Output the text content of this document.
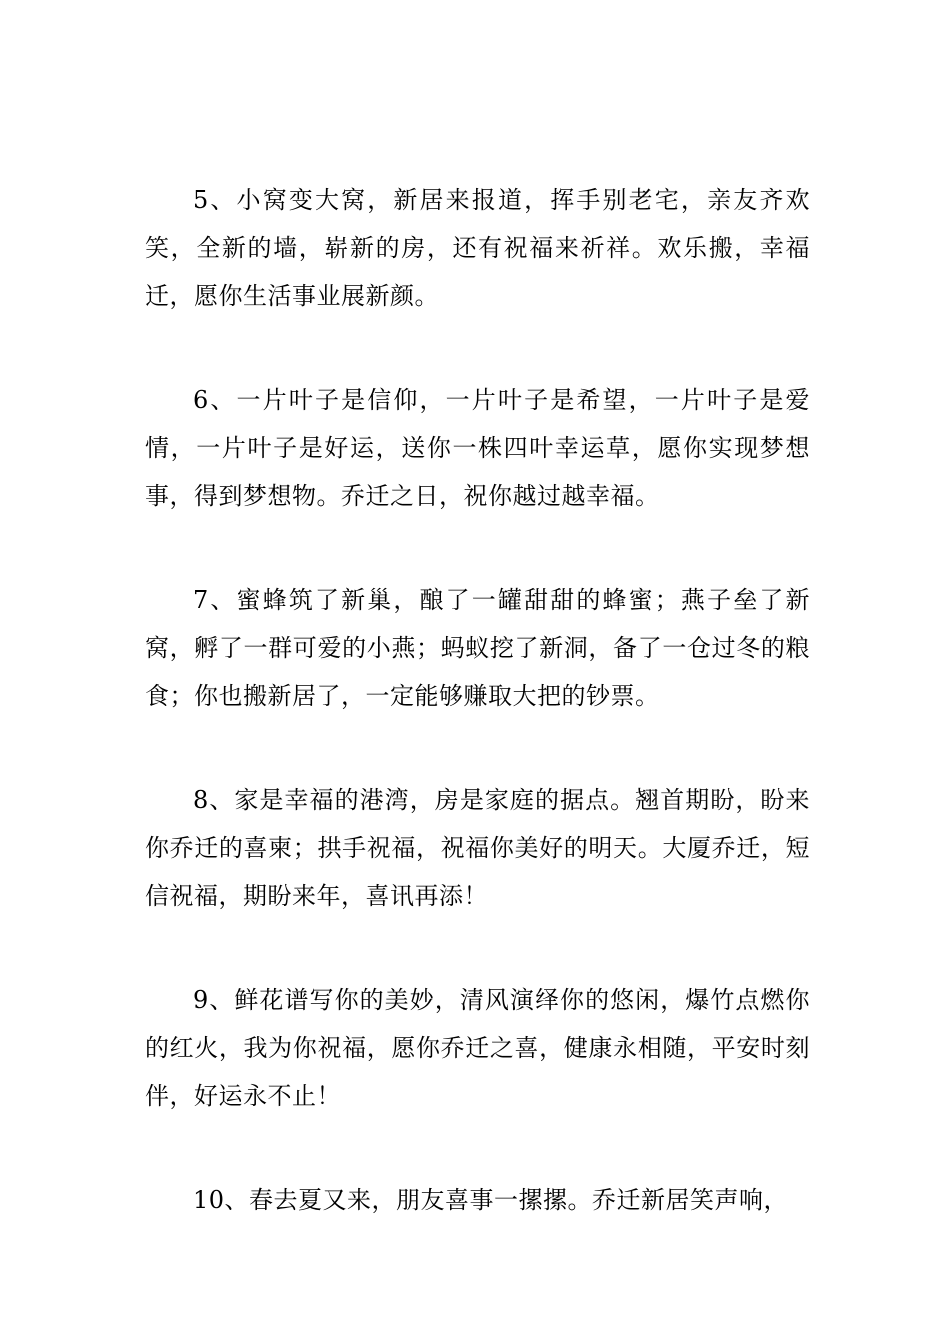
5、小窝变大窝，新居来报道，挥手别老宅，亲友齐欢笑，全新的墙，崭新的房，还有祝福来祈祥。欢乐搬，幸福迁，愿你生活事业展新颜。

6、一片叶子是信仰，一片叶子是希望，一片叶子是爱情，一片叶子是好运，送你一株四叶幸运草，愿你实现梦想事，得到梦想物。乔迁之日，祝你越过越幸福。

7、蜜蜂筑了新巢，酿了一罐甜甜的蜂蜜；燕子垒了新窝，孵了一群可爱的小燕；蚂蚁挖了新洞，备了一仓过冬的粮食；你也搬新居了，一定能够赚取大把的钞票。

8、家是幸福的港湾，房是家庭的据点。翘首期盼，盼来你乔迁的喜柬；拱手祝福，祝福你美好的明天。大厦乔迁，短信祝福，期盼来年，喜讯再添！

9、鲜花谱写你的美妙，清风演绎你的悠闲，爆竹点燃你的红火，我为你祝福，愿你乔迁之喜，健康永相随，平安时刻伴，好运永不止！

10、春去夏又来，朋友喜事一摞摞。乔迁新居笑声响，
